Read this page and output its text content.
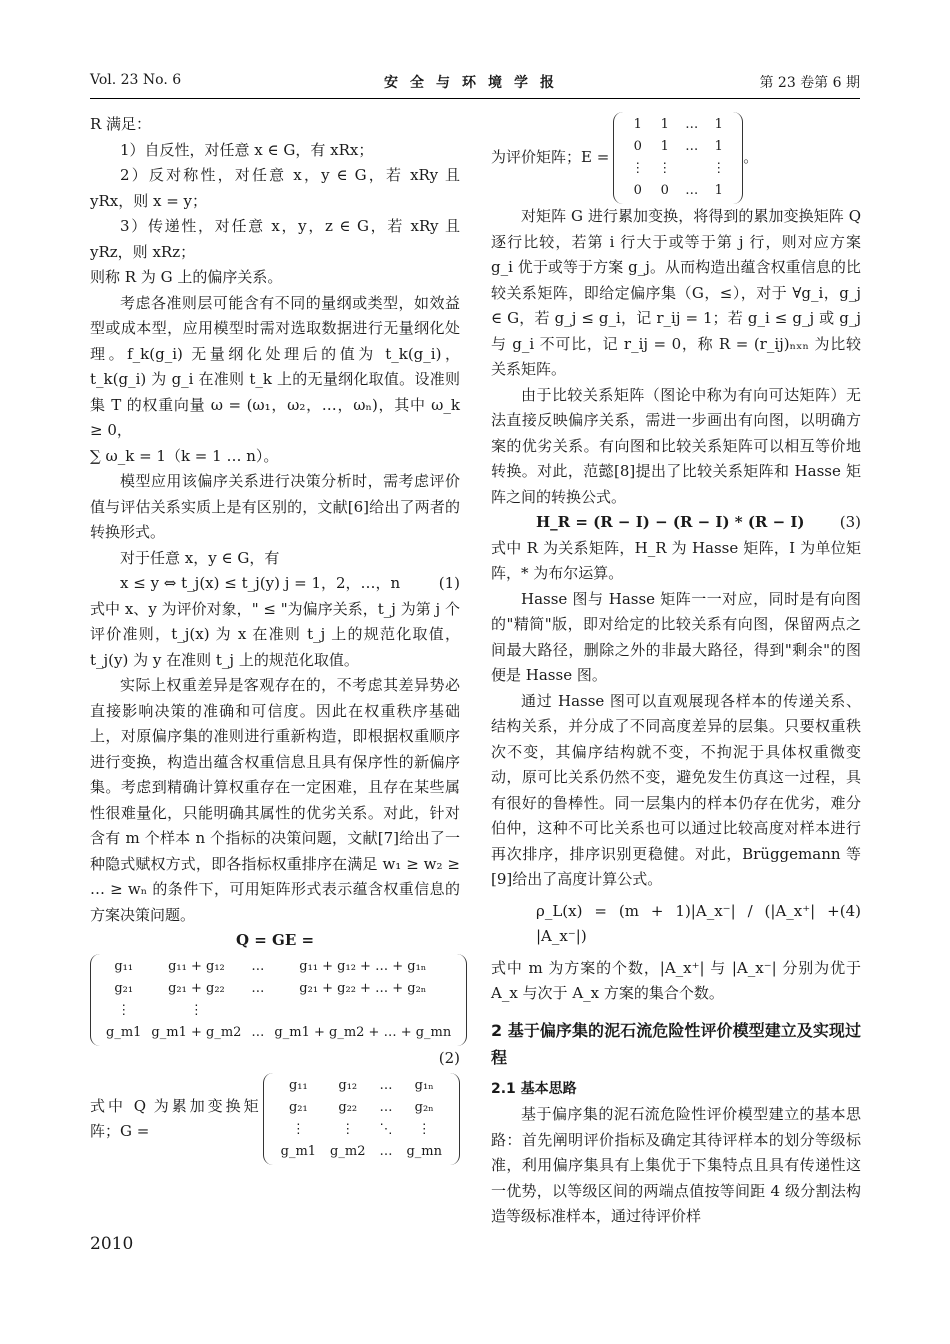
Vol. 23 No. 6	安全与环境学报	第 23 卷第 6 期

R 满足：

1）自反性，对任意 x ∈ G，有 xRx；

2）反对称性，对任意 x，y ∈ G，若 xRy 且 yRx，则 x = y；

3）传递性，对任意 x，y，z ∈ G，若 xRy 且 yRz，则 xRz；

则称 R 为 G 上的偏序关系。

考虑各准则层可能含有不同的量纲或类型，如效益型或成本型，应用模型时需对选取数据进行无量纲化处理。f_k(g_i) 无量纲化处理后的值为 t_k(g_i)，t_k(g_i) 为 g_i 在准则 t_k 上的无量纲化取值。设准则集 T 的权重向量 ω = (ω₁，ω₂，…，ωₙ)，其中 ω_k ≥ 0，

∑ ω_k = 1（k = 1 … n）。

模型应用该偏序关系进行决策分析时，需考虑评价值与评估关系实质上是有区别的，文献[6]给出了两者的转换形式。

对于任意 x，y ∈ G，有

x ≤ y ⇔ t_j(x) ≤ t_j(y) j = 1，2，…，n	(1)

式中 x、y 为评价对象，" ≤ "为偏序关系，t_j 为第 j 个评价准则，t_j(x) 为 x 在准则 t_j 上的规范化取值，t_j(y) 为 y 在准则 t_j 上的规范化取值。

实际上权重差异是客观存在的，不考虑其差异势必直接影响决策的准确和可信度。因此在权重秩序基础上，对原偏序集的准则进行重新构造，即根据权重顺序进行变换，构造出蕴含权重信息且具有保序性的新偏序集。考虑到精确计算权重存在一定困难，且存在某些属性很难量化，只能明确其属性的优劣关系。对此，针对含有 m 个样本 n 个指标的决策问题，文献[7]给出了一种隐式赋权方式，即各指标权重排序在满足 w₁ ≥ w₂ ≥ … ≥ wₙ 的条件下，可用矩阵形式表示蕴含权重信息的方案决策问题。

Q = GE =
g₁₁	g₁₁ + g₁₂	…	g₁₁ + g₁₂ + … + g₁ₙ
g₂₁	g₂₁ + g₂₂	…	g₂₁ + g₂₂ + … + g₂ₙ
⋮	⋮		
g_m1	g_m1 + g_m2	…	g_m1 + g_m2 + … + g_mn
(2)
式中 Q 为累加变换矩阵；G =
g₁₁	g₁₂	…	g₁ₙ
g₂₁	g₂₂	…	g₂ₙ
⋮	⋮	⋱	⋮
g_m1	g_m2	…	g_mn
为评价矩阵；E =
1	1	…	1
0	1	…	1
⋮	⋮		⋮
0	0	…	1
。

对矩阵 G 进行累加变换，将得到的累加变换矩阵 Q 逐行比较，若第 i 行大于或等于第 j 行，则对应方案 g_i 优于或等于方案 g_j。从而构造出蕴含权重信息的比较关系矩阵，即给定偏序集（G，≤），对于 ∀g_i，g_j ∈ G，若 g_j ≤ g_i，记 r_ij = 1；若 g_i ≤ g_j 或 g_j 与 g_i 不可比，记 r_ij = 0，称 R = (r_ij)ₙₓₙ 为比较关系矩阵。

由于比较关系矩阵（图论中称为有向可达矩阵）无法直接反映偏序关系，需进一步画出有向图，以明确方案的优劣关系。有向图和比较关系矩阵可以相互等价地转换。对此，范懿[8]提出了比较关系矩阵和 Hasse 矩阵之间的转换公式。

H_R = (R − I) − (R − I) * (R − I) (3)

式中 R 为关系矩阵，H_R 为 Hasse 矩阵，I 为单位矩阵，* 为布尔运算。

Hasse 图与 Hasse 矩阵一一对应，同时是有向图的"精简"版，即对给定的比较关系有向图，保留两点之间最大路径，删除之外的非最大路径，得到"剩余"的图便是 Hasse 图。

通过 Hasse 图可以直观展现各样本的传递关系、结构关系，并分成了不同高度差异的层集。只要权重秩次不变，其偏序结构就不变，不拘泥于具体权重微变动，原可比关系仍然不变，避免发生仿真这一过程，具有很好的鲁棒性。同一层集内的样本仍存在优劣，难分伯仲，这种不可比关系也可以通过比较高度对样本进行再次排序，排序识别更稳健。对此，Brüggemann 等[9]给出了高度计算公式。

ρ_L(x) = (m + 1)|A_x⁻| / (|A_x⁺| + |A_x⁻|)
(4)

式中 m 为方案的个数，|A_x⁺| 与 |A_x⁻| 分别为优于 A_x 与次于 A_x 方案的集合个数。

2 基于偏序集的泥石流危险性评价模型建立及实现过程
2.1 基本思路

基于偏序集的泥石流危险性评价模型建立的基本思路：首先阐明评价指标及确定其待评样本的划分等级标准，利用偏序集具有上集优于下集特点且具有传递性这一优势，以等级区间的两端点值按等间距 4 级分割法构造等级标准样本，通过待评价样

2010
